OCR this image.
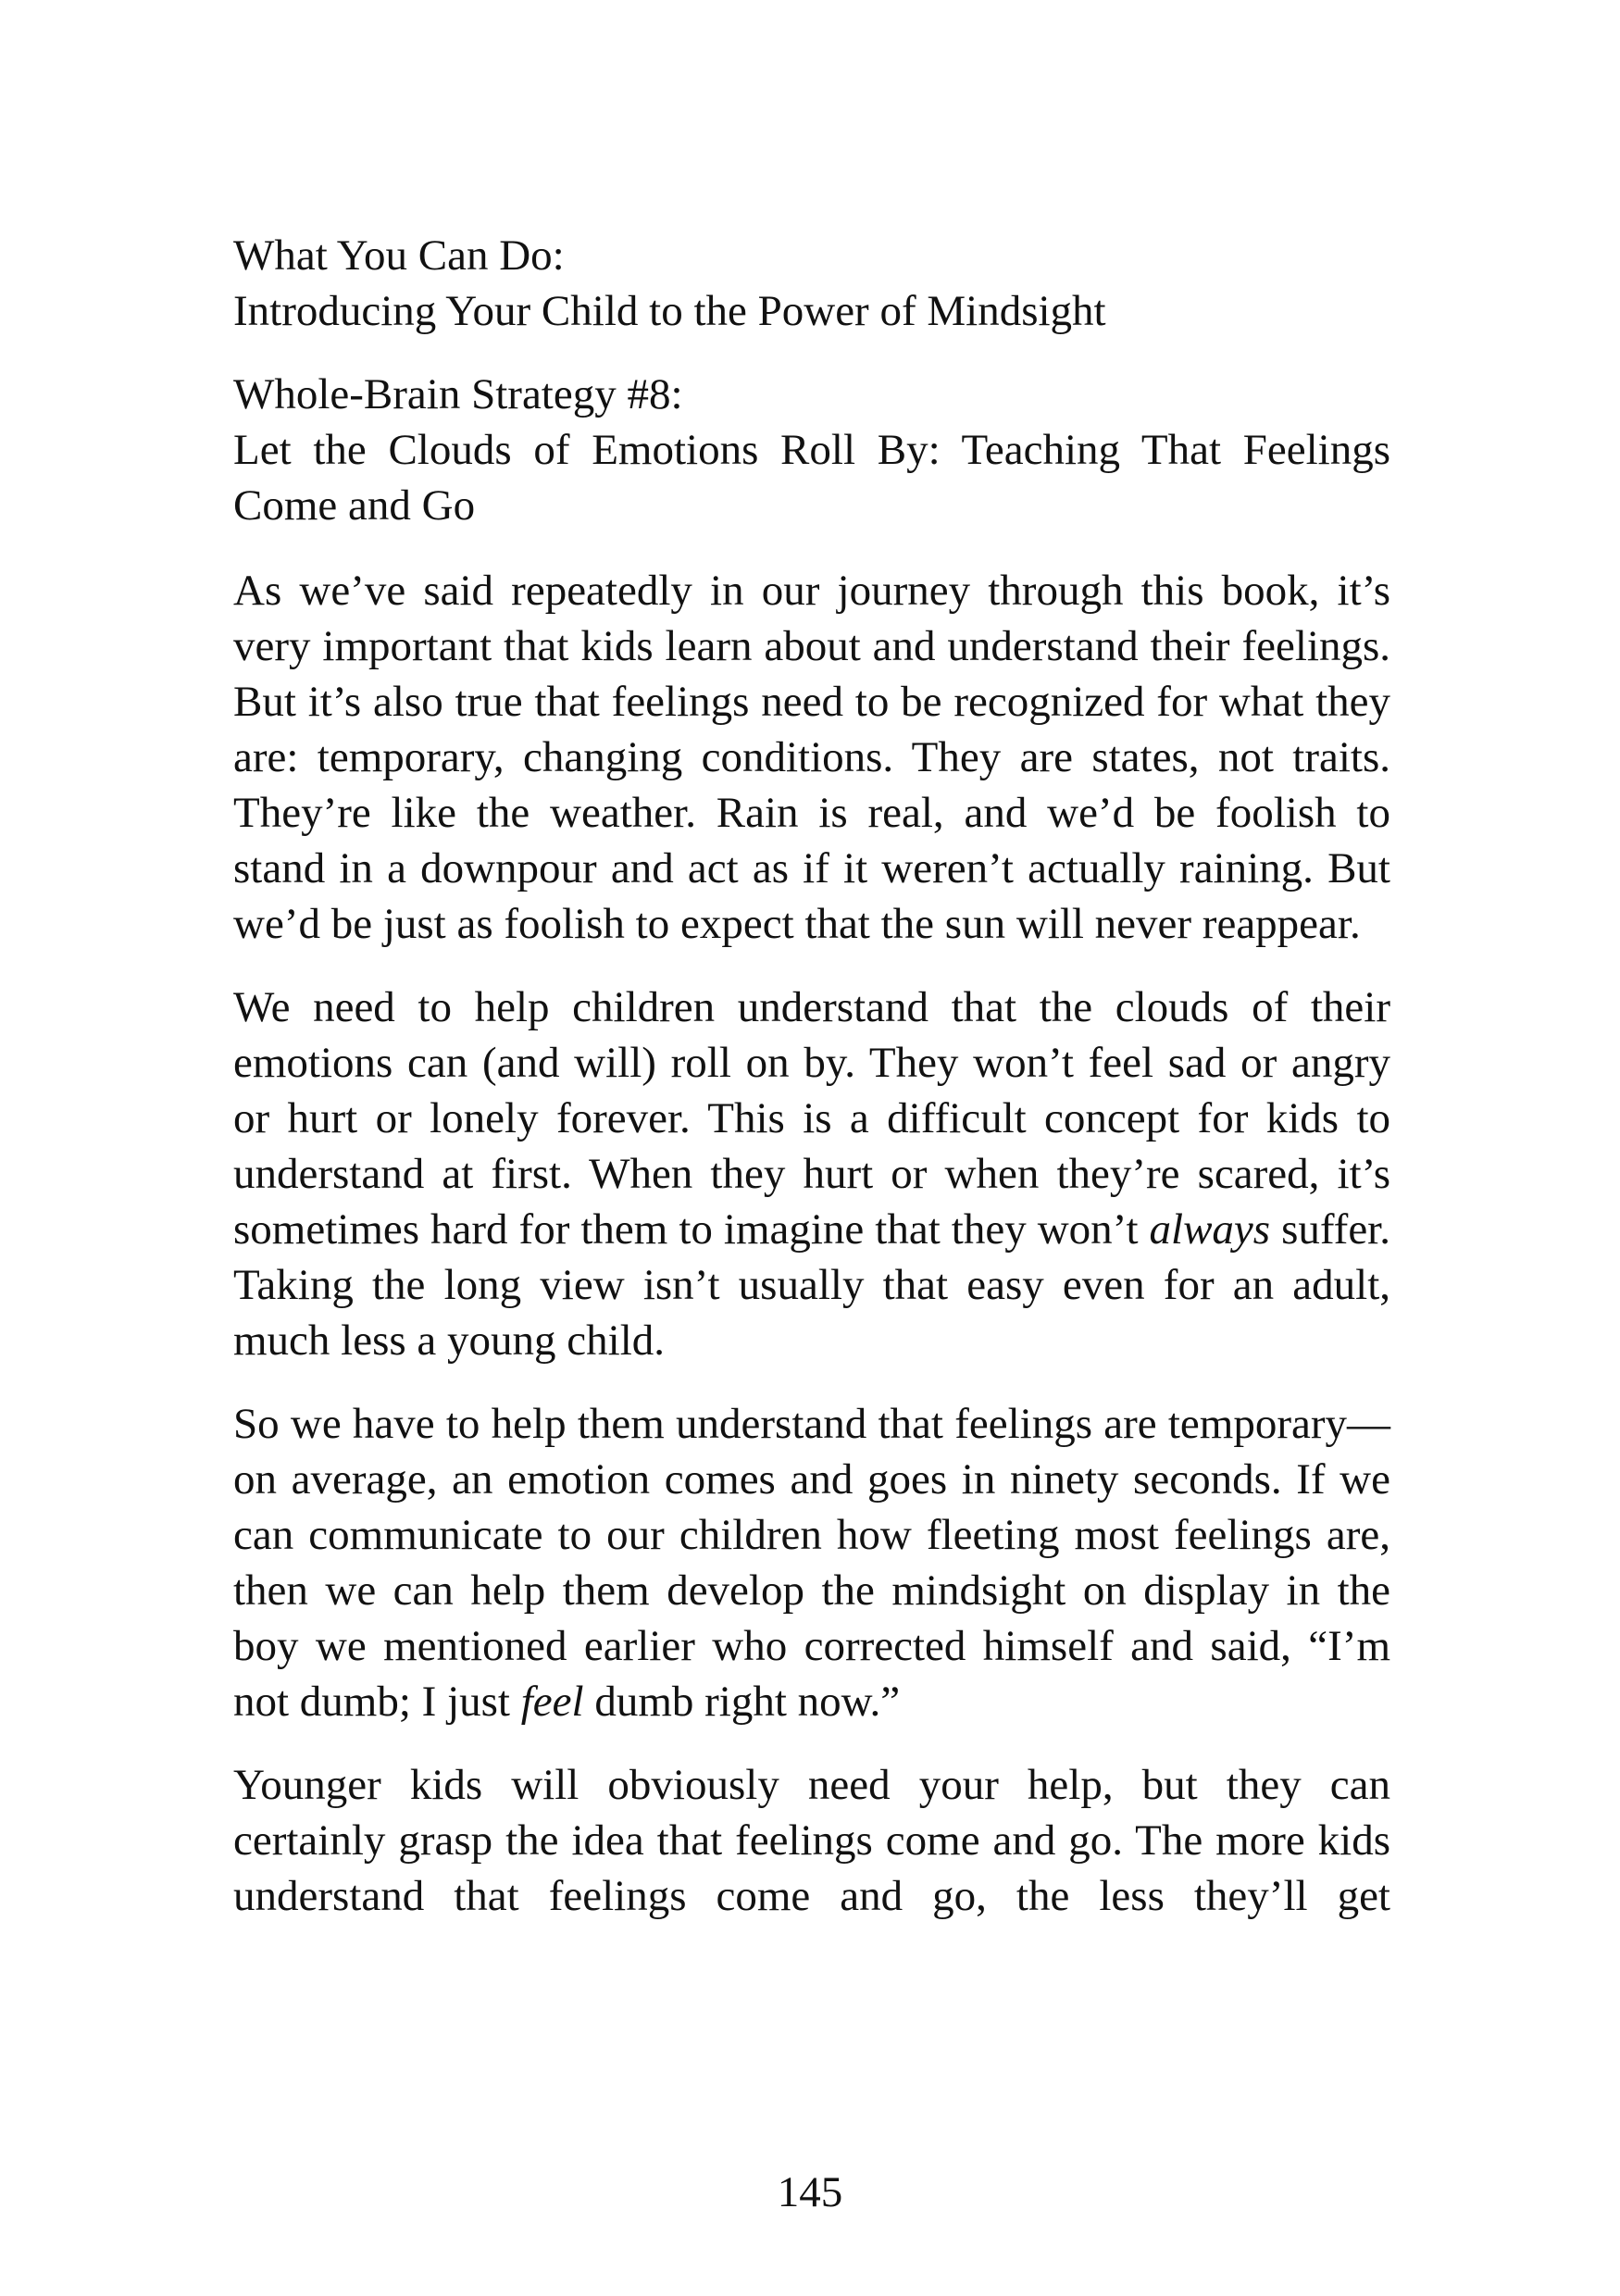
What You Can Do:
Introducing Your Child to the Power of Mindsight

Whole-Brain Strategy #8:
Let the Clouds of Emotions Roll By: Teaching That Feelings Come and Go

As we’ve said repeatedly in our journey through this book, it’s very important that kids learn about and understand their feelings. But it’s also true that feelings need to be recognized for what they are: temporary, changing conditions. They are states, not traits. They’re like the weather. Rain is real, and we’d be foolish to stand in a downpour and act as if it weren’t actually raining. But we’d be just as foolish to expect that the sun will never reappear.

We need to help children understand that the clouds of their emotions can (and will) roll on by. They won’t feel sad or angry or hurt or lonely forever. This is a difficult concept for kids to understand at first. When they hurt or when they’re scared, it’s sometimes hard for them to imagine that they won’t always suffer. Taking the long view isn’t usually that easy even for an adult, much less a young child.

So we have to help them understand that feelings are temporary—on average, an emotion comes and goes in ninety seconds. If we can communicate to our children how fleeting most feelings are, then we can help them develop the mindsight on display in the boy we mentioned earlier who corrected himself and said, “I’m not dumb; I just feel dumb right now.”

Younger kids will obviously need your help, but they can certainly grasp the idea that feelings come and go. The more kids understand that feelings come and go, the less they’ll get

145
